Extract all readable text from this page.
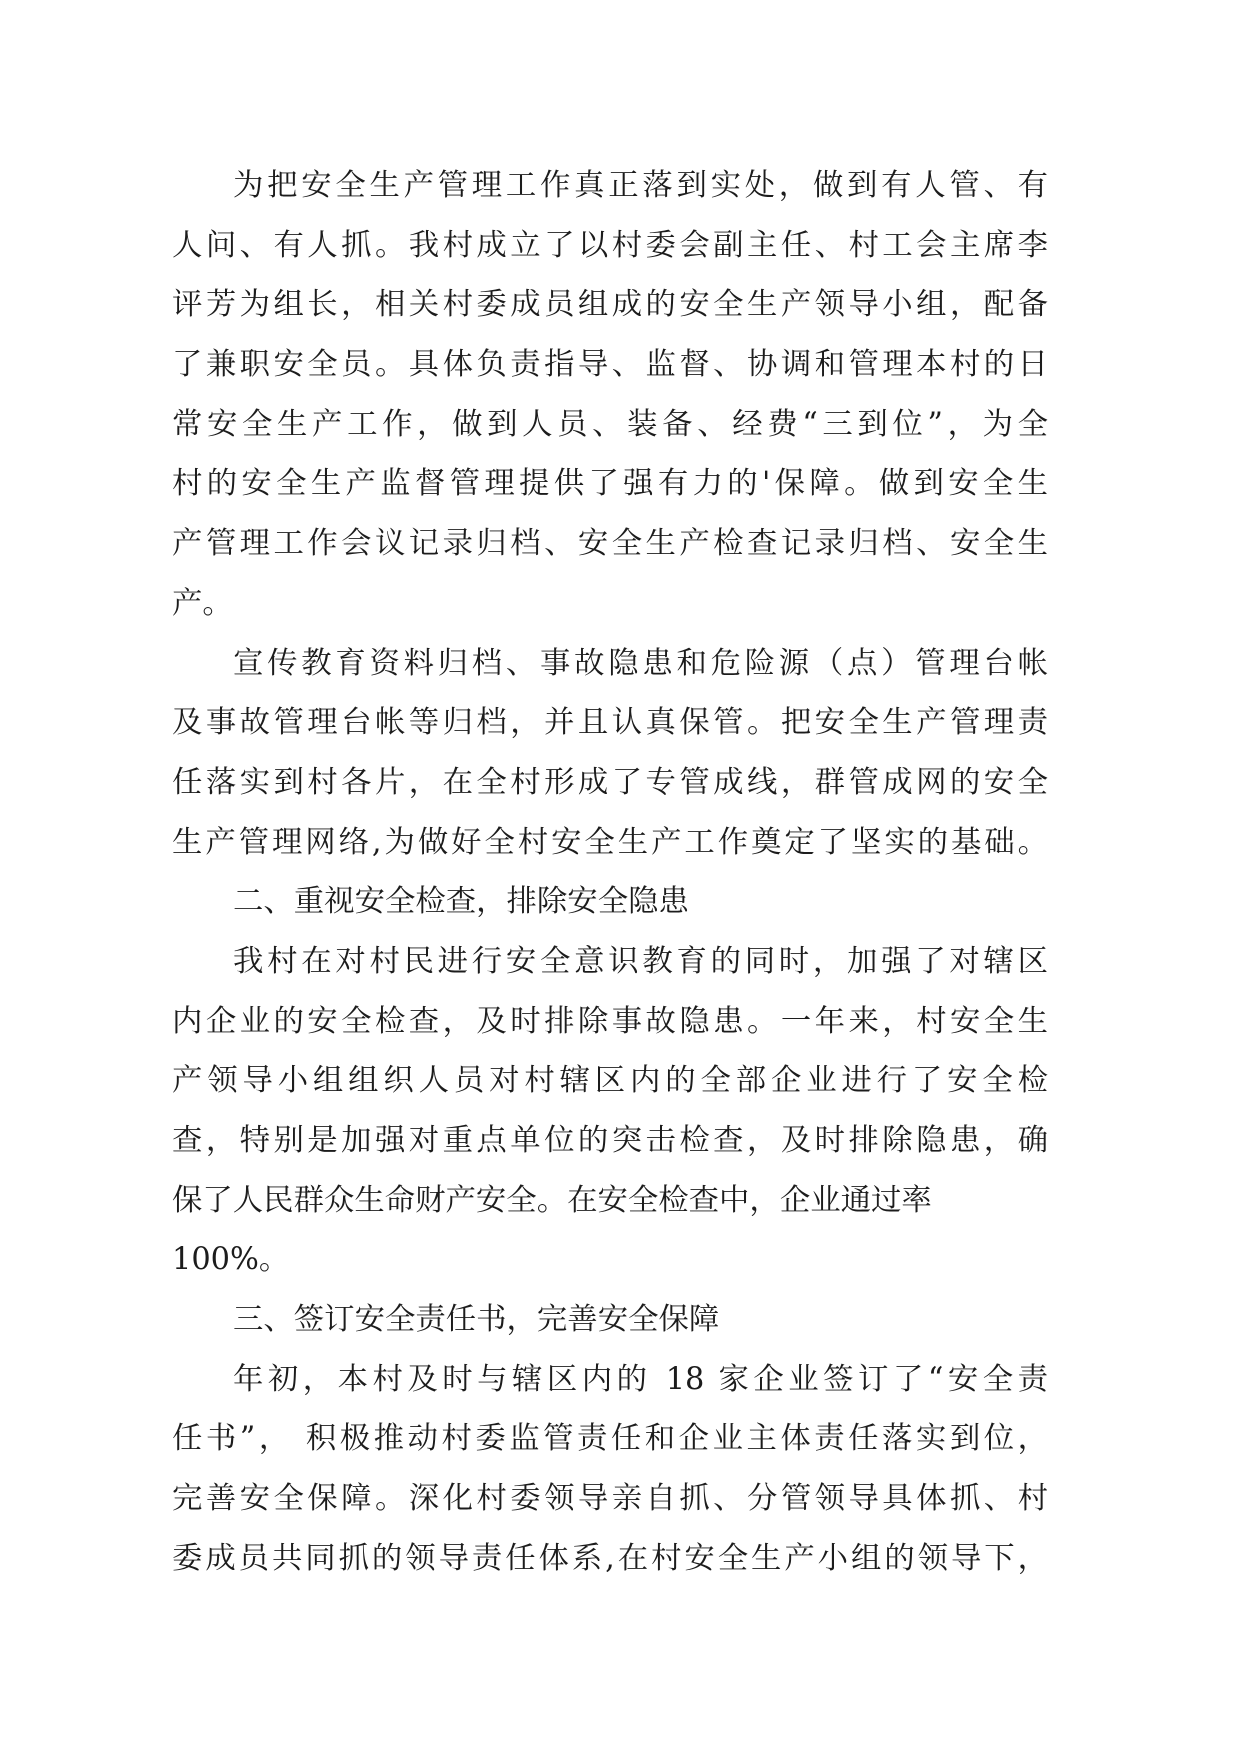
为把安全生产管理工作真正落到实处，做到有人管、有
人问、有人抓。我村成立了以村委会副主任、村工会主席李
评芳为组长，相关村委成员组成的安全生产领导小组，配备
了兼职安全员。具体负责指导、监督、协调和管理本村的日
常安全生产工作，做到人员、装备、经费“三到位”，为全
村的安全生产监督管理提供了强有力的'保障。做到安全生
产管理工作会议记录归档、安全生产检查记录归档、安全生
产。
宣传教育资料归档、事故隐患和危险源（点）管理台帐
及事故管理台帐等归档，并且认真保管。把安全生产管理责
任落实到村各片，在全村形成了专管成线，群管成网的安全
生产管理网络,为做好全村安全生产工作奠定了坚实的基础。
二、重视安全检查，排除安全隐患
我村在对村民进行安全意识教育的同时，加强了对辖区
内企业的安全检查，及时排除事故隐患。一年来，村安全生
产领导小组组织人员对村辖区内的全部企业进行了安全检
查，特别是加强对重点单位的突击检查，及时排除隐患，确
保了人民群众生命财产安全。在安全检查中，企业通过率
100%。
三、签订安全责任书，完善安全保障
年初，本村及时与辖区内的 18 家企业签订了“安全责
任书”， 积极推动村委监管责任和企业主体责任落实到位，
完善安全保障。深化村委领导亲自抓、分管领导具体抓、村
委成员共同抓的领导责任体系,在村安全生产小组的领导下，
